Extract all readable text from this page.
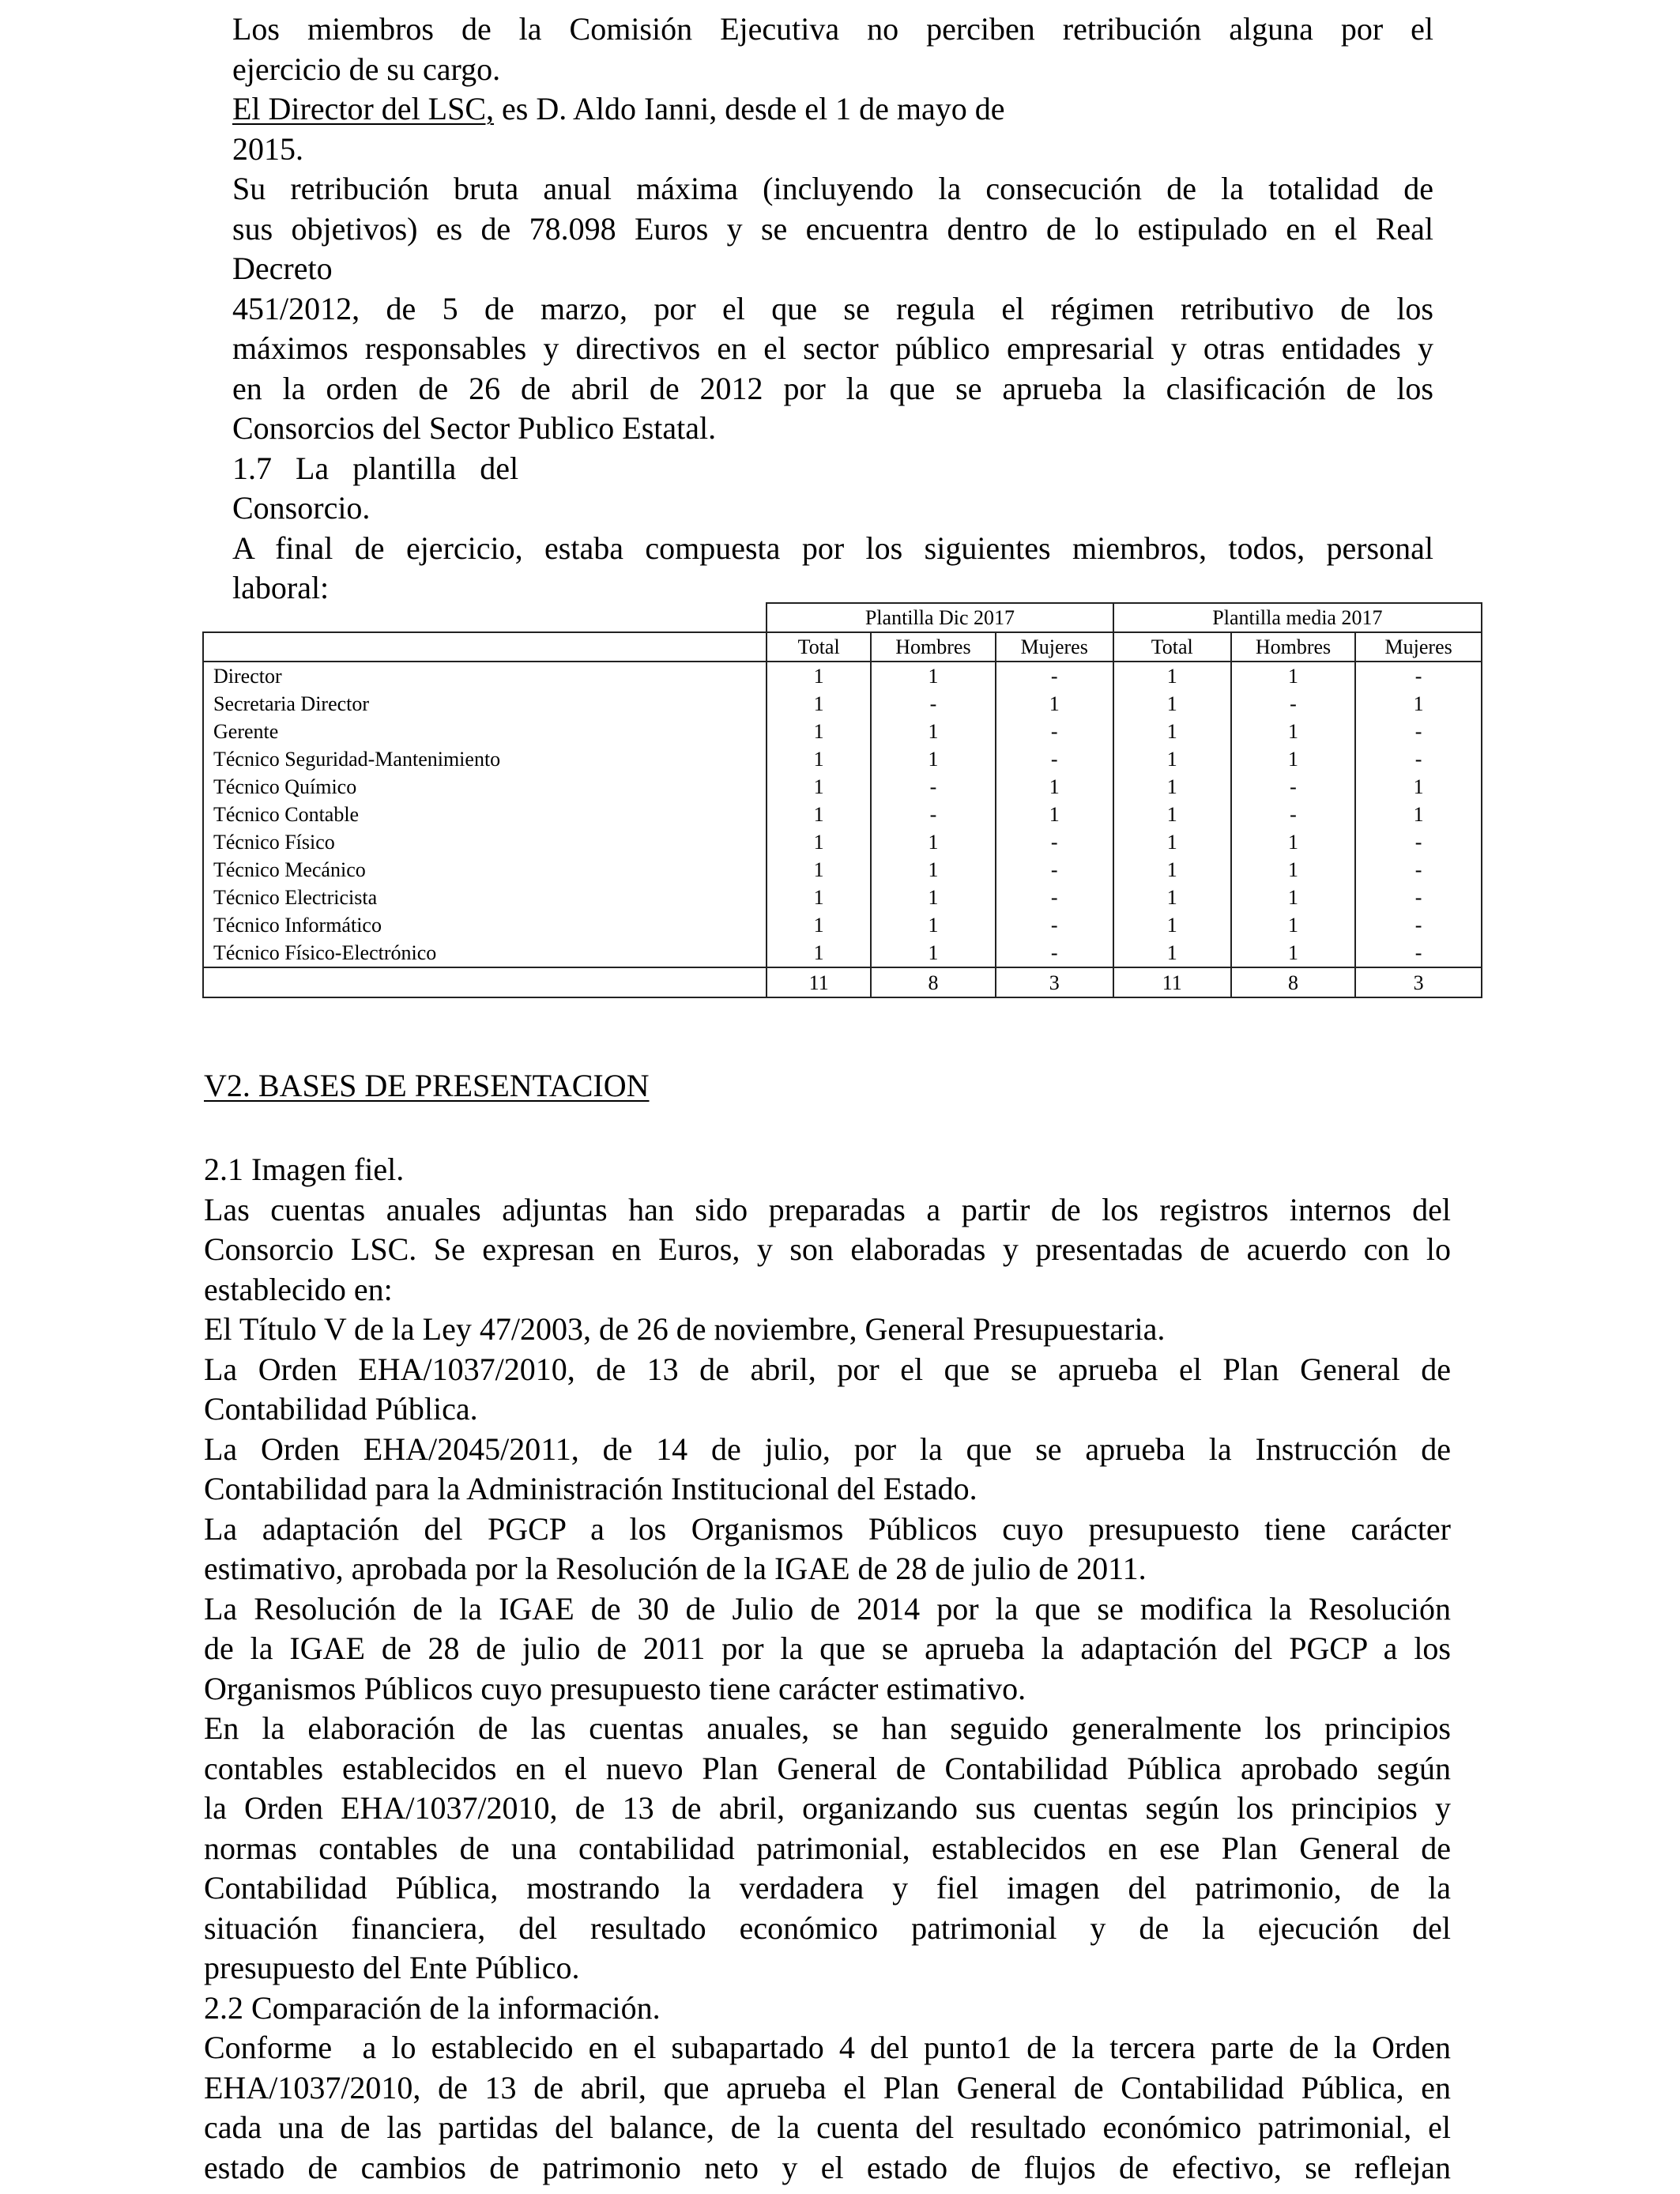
Los miembros de la Comisión Ejecutiva no perciben retribución alguna por el
ejercicio de su cargo.
El Director del LSC, es D. Aldo Ianni, desde el 1 de mayo de
2015.
Su retribución bruta anual máxima (incluyendo la consecución de la totalidad de
sus objetivos) es de 78.098 Euros y se encuentra dentro de lo estipulado en el Real
Decreto
451/2012, de 5 de marzo, por el que se regula el régimen retributivo de los
máximos responsables y directivos en el sector público empresarial y otras entidades y
en la orden de 26 de abril de 2012 por la que se aprueba la clasificación de los
Consorcios del Sector Publico Estatal.
1.7   La   plantilla   del
Consorcio.
A final de ejercicio, estaba compuesta por los siguientes miembros, todos, personal
laboral:
	Plantilla Dic 2017			Plantilla media 2017		
	Total	Hombres	Mujeres	Total	Hombres	Mujeres
Director	1	1	-	1	1	-
Secretaria Director	1	-	1	1	-	1
Gerente	1	1	-	1	1	-
Técnico Seguridad-Mantenimiento	1	1	-	1	1	-
Técnico Químico	1	-	1	1	-	1
Técnico Contable	1	-	1	1	-	1
Técnico Físico	1	1	-	1	1	-
Técnico Mecánico	1	1	-	1	1	-
Técnico Electricista	1	1	-	1	1	-
Técnico Informático	1	1	-	1	1	-
Técnico Físico-Electrónico	1	1	-	1	1	-
	11	8	3	11	8	3
V2. BASES DE PRESENTACION
2.1 Imagen fiel.
Las cuentas anuales adjuntas han sido preparadas a partir de los registros internos del
Consorcio LSC. Se expresan en Euros, y son elaboradas y presentadas de acuerdo con lo
establecido en:
El Título V de la Ley 47/2003, de 26 de noviembre, General Presupuestaria.
La Orden EHA/1037/2010, de 13 de abril, por el que se aprueba el Plan General de
Contabilidad Pública.
La Orden EHA/2045/2011, de 14 de julio, por la que se aprueba la Instrucción de
Contabilidad para la Administración Institucional del Estado.
La adaptación del PGCP a los Organismos Públicos cuyo presupuesto tiene carácter
estimativo, aprobada por la Resolución de la IGAE de 28 de julio de 2011.
La Resolución de la IGAE de 30 de Julio de 2014 por la que se modifica la Resolución
de la IGAE de 28 de julio de 2011 por la que se aprueba la adaptación del PGCP a los
Organismos Públicos cuyo presupuesto tiene carácter estimativo.
En la elaboración de las cuentas anuales, se han seguido generalmente los principios
contables establecidos en el nuevo Plan General de Contabilidad Pública aprobado según
la Orden EHA/1037/2010, de 13 de abril, organizando sus cuentas según los principios y
normas contables de una contabilidad patrimonial, establecidos en ese Plan General de
Contabilidad Pública, mostrando la verdadera y fiel imagen del patrimonio, de la
situación financiera, del resultado económico patrimonial y de la ejecución del
presupuesto del Ente Público.
2.2 Comparación de la información.
Conforme  a lo establecido en el subapartado 4 del punto1 de la tercera parte de la Orden
EHA/1037/2010, de 13 de abril, que aprueba el Plan General de Contabilidad Pública, en
cada una de las partidas del balance, de la cuenta del resultado económico patrimonial, el
estado de cambios de patrimonio neto y el estado de flujos de efectivo, se reflejan
